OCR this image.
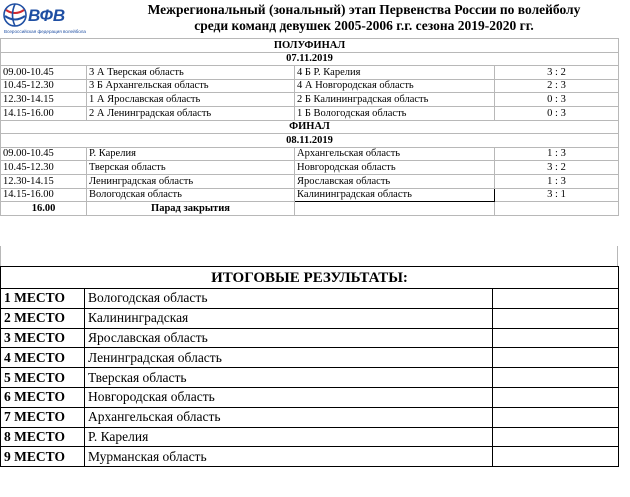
ВФВ
Всероссийская федерация волейбола
Межрегиональный (зональный) этап Первенства России по волейболу
среди команд девушек 2005-2006 г.г. сезона 2019-2020 гг.
ПОЛУФИНАЛ			
07.11.2019			
09.00-10.45	3 А Тверская область	4 Б Р. Карелия	3 : 2
10.45-12.30	3 Б Архангельская область	4 А Новгородская область	2 : 3
12.30-14.15	1 А Ярославская область	2 Б Калининградская область	0 : 3
14.15-16.00	2 А Ленинградская область	1 Б Вологодская область	0 : 3
ФИНАЛ			
08.11.2019			
09.00-10.45	Р. Карелия	Архангельская область	1 : 3
10.45-12.30	Тверская область	Новгородская область	3 : 2
12.30-14.15	Ленинградская область	Ярославская область	1 : 3
14.15-16.00	Вологодская область	Калининградская область	3 : 1
16.00	Парад закрытия		
ИТОГОВЫЕ РЕЗУЛЬТАТЫ:		
1 МЕСТО	Вологодская область	
2 МЕСТО	Калининградская	
3 МЕСТО	Ярославская область	
4 МЕСТО	Ленинградская область	
5 МЕСТО	Тверская область	
6 МЕСТО	Новгородская область	
7 МЕСТО	Архангельская область	
8 МЕСТО	Р. Карелия	
9 МЕСТО	Мурманская область	
